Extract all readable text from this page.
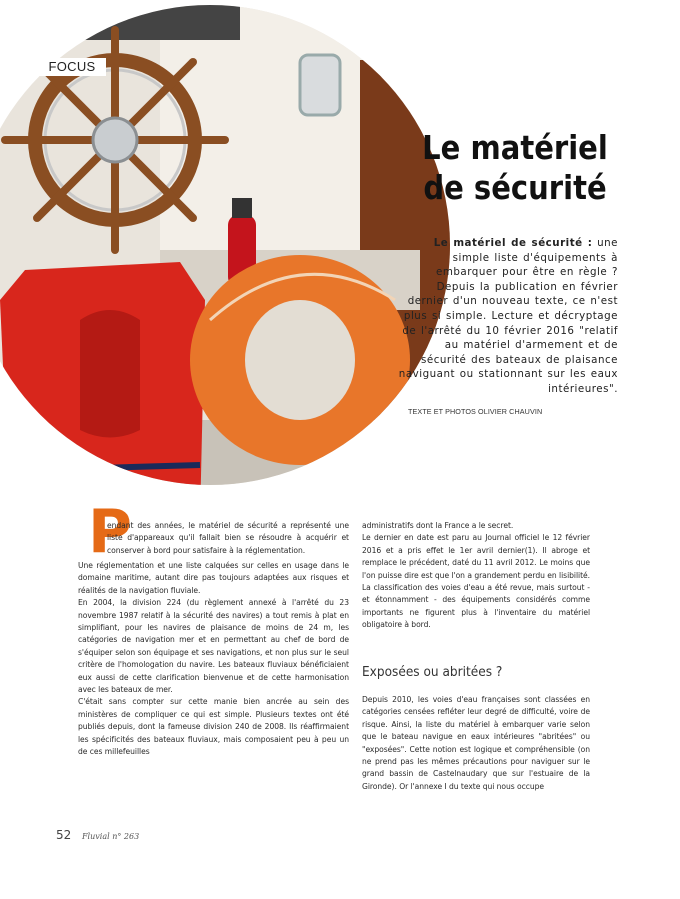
FOCUS
Le matériel
de sécurité

Le matériel de sécurité : une simple liste d'équipements à embarquer pour être en règle ? Depuis la publication en février dernier d'un nouveau texte, ce n'est plus si simple. Lecture et décryptage de l'arrêté du 10 février 2016 "relatif au matériel d'armement et de sécurité des bateaux de plaisance naviguant ou stationnant sur les eaux intérieures".

TEXTE ET PHOTOS OLIVIER CHAUVIN
P

endant des années, le matériel de sécurité a représenté une liste d'appareaux qu'il fallait bien se résoudre à acquérir et conserver à bord pour satisfaire à la réglementation.

Une réglementation et une liste calquées sur celles en usage dans le domaine maritime, autant dire pas toujours adaptées aux risques et réalités de la navigation fluviale.

En 2004, la division 224 (du règlement annexé à l'arrêté du 23 novembre 1987 relatif à la sécurité des navires) a tout remis à plat en simplifiant, pour les navires de plaisance de moins de 24 m, les catégories de navigation mer et en permettant au chef de bord de s'équiper selon son équipage et ses navigations, et non plus sur le seul critère de l'homologation du navire. Les bateaux fluviaux bénéficiaient eux aussi de cette clarification bienvenue et de cette harmonisation avec les bateaux de mer.

C'était sans compter sur cette manie bien ancrée au sein des ministères de compliquer ce qui est simple. Plusieurs textes ont été publiés depuis, dont la fameuse division 240 de 2008. Ils réaffirmaient les spécificités des bateaux fluviaux, mais composaient peu à peu un de ces millefeuilles

administratifs dont la France a le secret.

Le dernier en date est paru au Journal officiel le 12 février 2016 et a pris effet le 1er avril dernier(1). Il abroge et remplace le précédent, daté du 11 avril 2012. Le moins que l'on puisse dire est que l'on a grandement perdu en lisibilité. La classification des voies d'eau a été revue, mais surtout - et étonnamment - des équipements considérés comme importants ne figurent plus à l'inventaire du matériel obligatoire à bord.

Exposées ou abritées ?

Depuis 2010, les voies d'eau françaises sont classées en catégories censées refléter leur degré de difficulté, voire de risque. Ainsi, la liste du matériel à embarquer varie selon que le bateau navigue en eaux intérieures "abritées" ou "exposées". Cette notion est logique et compréhensible (on ne prend pas les mêmes précautions pour naviguer sur le grand bassin de Castelnaudary que sur l'estuaire de la Gironde). Or l'annexe I du texte qui nous occupe

52 Fluvial n° 263
